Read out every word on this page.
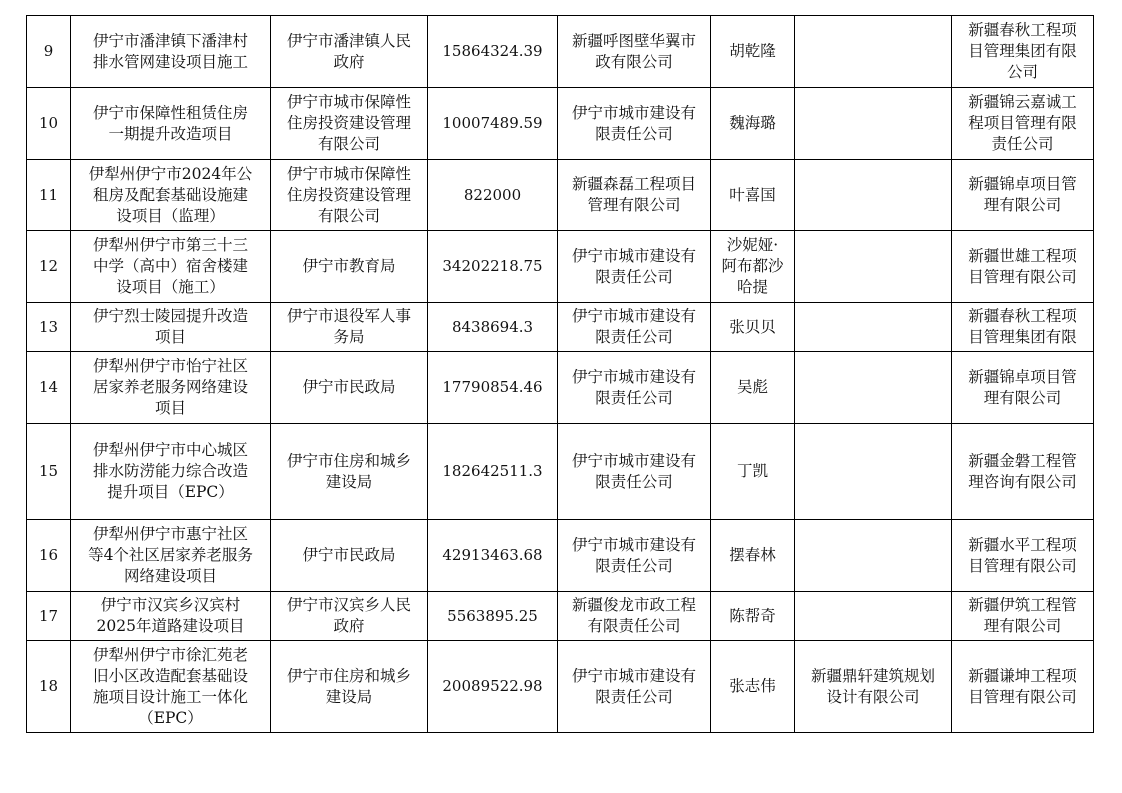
9	伊宁市潘津镇下潘津村
排水管网建设项目施工	伊宁市潘津镇人民
政府	15864324.39	新疆呼图壁华翼市
政有限公司	胡乾隆		新疆春秋工程项
目管理集团有限
公司

10	伊宁市保障性租赁住房
一期提升改造项目	伊宁市城市保障性
住房投资建设管理
有限公司	10007489.59	伊宁市城市建设有
限责任公司	魏海璐		新疆锦云嘉诚工
程项目管理有限
责任公司

11	伊犁州伊宁市2024年公
租房及配套基础设施建
设项目（监理）	伊宁市城市保障性
住房投资建设管理
有限公司	822000	新疆森磊工程项目
管理有限公司	叶喜国		新疆锦卓项目管
理有限公司

12	伊犁州伊宁市第三十三
中学（高中）宿舍楼建
设项目（施工）	伊宁市教育局	34202218.75	伊宁市城市建设有
限责任公司	沙妮娅·
阿布都沙
哈提		新疆世雄工程项
目管理有限公司

13	伊宁烈士陵园提升改造
项目	伊宁市退役军人事
务局	8438694.3	伊宁市城市建设有
限责任公司	张贝贝		新疆春秋工程项
目管理集团有限

14	伊犁州伊宁市怡宁社区
居家养老服务网络建设
项目	伊宁市民政局	17790854.46	伊宁市城市建设有
限责任公司	吴彪		新疆锦卓项目管
理有限公司

15	伊犁州伊宁市中心城区
排水防涝能力综合改造
提升项目（EPC）	伊宁市住房和城乡
建设局	182642511.3	伊宁市城市建设有
限责任公司	丁凯		新疆金磐工程管
理咨询有限公司

16	伊犁州伊宁市惠宁社区
等4个社区居家养老服务
网络建设项目	伊宁市民政局	42913463.68	伊宁市城市建设有
限责任公司	摆春林		新疆水平工程项
目管理有限公司

17	伊宁市汉宾乡汉宾村
2025年道路建设项目	伊宁市汉宾乡人民
政府	5563895.25	新疆俊龙市政工程
有限责任公司	陈帮奇		新疆伊筑工程管
理有限公司

18	伊犁州伊宁市徐汇苑老
旧小区改造配套基础设
施项目设计施工一体化
（EPC）	伊宁市住房和城乡
建设局	20089522.98	伊宁市城市建设有
限责任公司	张志伟	新疆鼎轩建筑规划
设计有限公司	新疆谦坤工程项
目管理有限公司
